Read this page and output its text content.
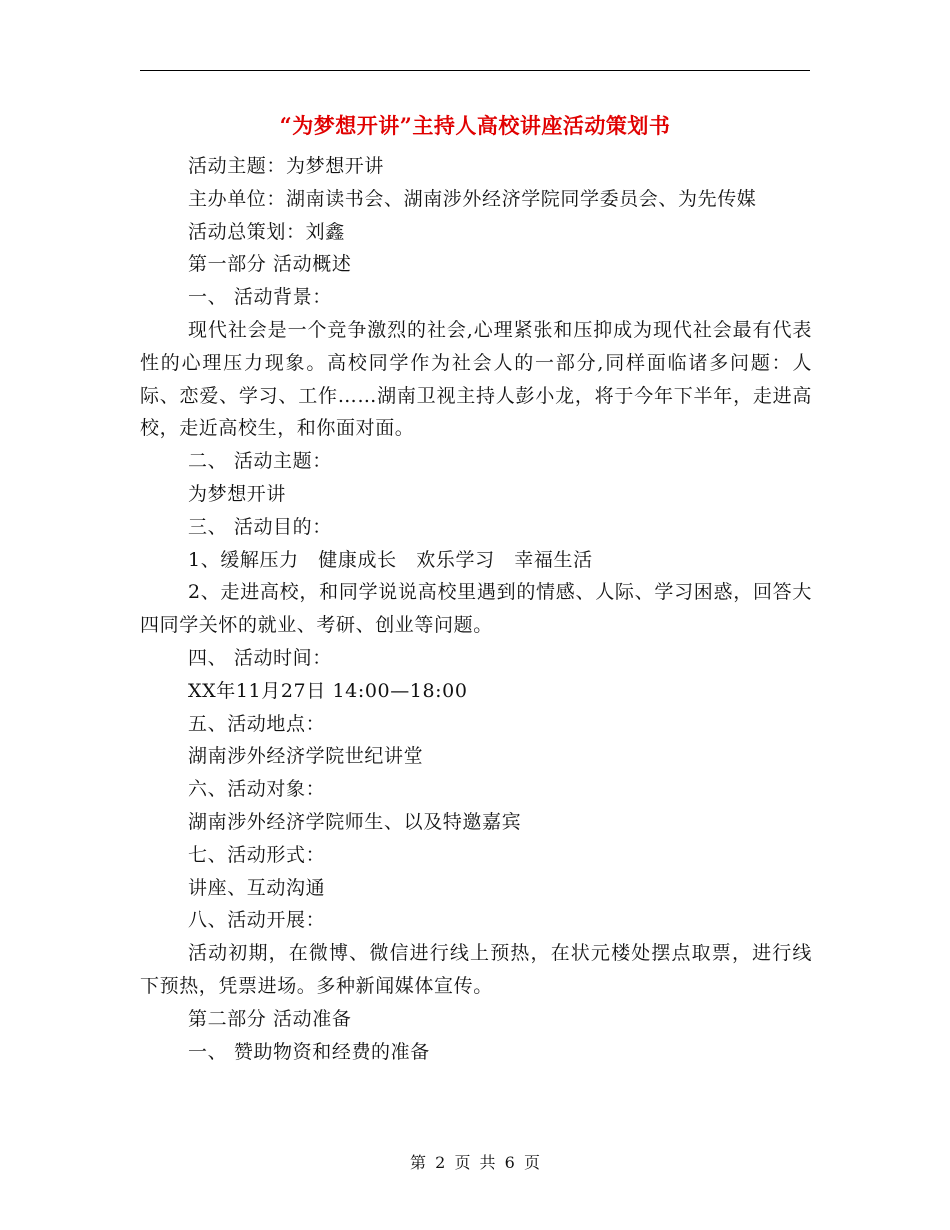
“为梦想开讲”主持人高校讲座活动策划书

活动主题：为梦想开讲

主办单位：湖南读书会、湖南涉外经济学院同学委员会、为先传媒

活动总策划：刘鑫

第一部分 活动概述

一、 活动背景：

现代社会是一个竞争激烈的社会,心理紧张和压抑成为现代社会最有代表性的心理压力现象。高校同学作为社会人的一部分,同样面临诸多问题：人际、恋爱、学习、工作……湖南卫视主持人彭小龙，将于今年下半年，走进高校，走近高校生，和你面对面。

二、 活动主题：

为梦想开讲

三、 活动目的：

1、缓解压力　健康成长　欢乐学习　幸福生活

2、走进高校，和同学说说高校里遇到的情感、人际、学习困惑，回答大四同学关怀的就业、考研、创业等问题。

四、 活动时间：

XX年11月27日 14:00—18:00

五、活动地点：

湖南涉外经济学院世纪讲堂

六、活动对象：

湖南涉外经济学院师生、以及特邀嘉宾

七、活动形式：

讲座、互动沟通

八、活动开展：

活动初期，在微博、微信进行线上预热，在状元楼处摆点取票，进行线下预热，凭票进场。多种新闻媒体宣传。

第二部分 活动准备

一、 赞助物资和经费的准备

第 2 页 共 6 页
